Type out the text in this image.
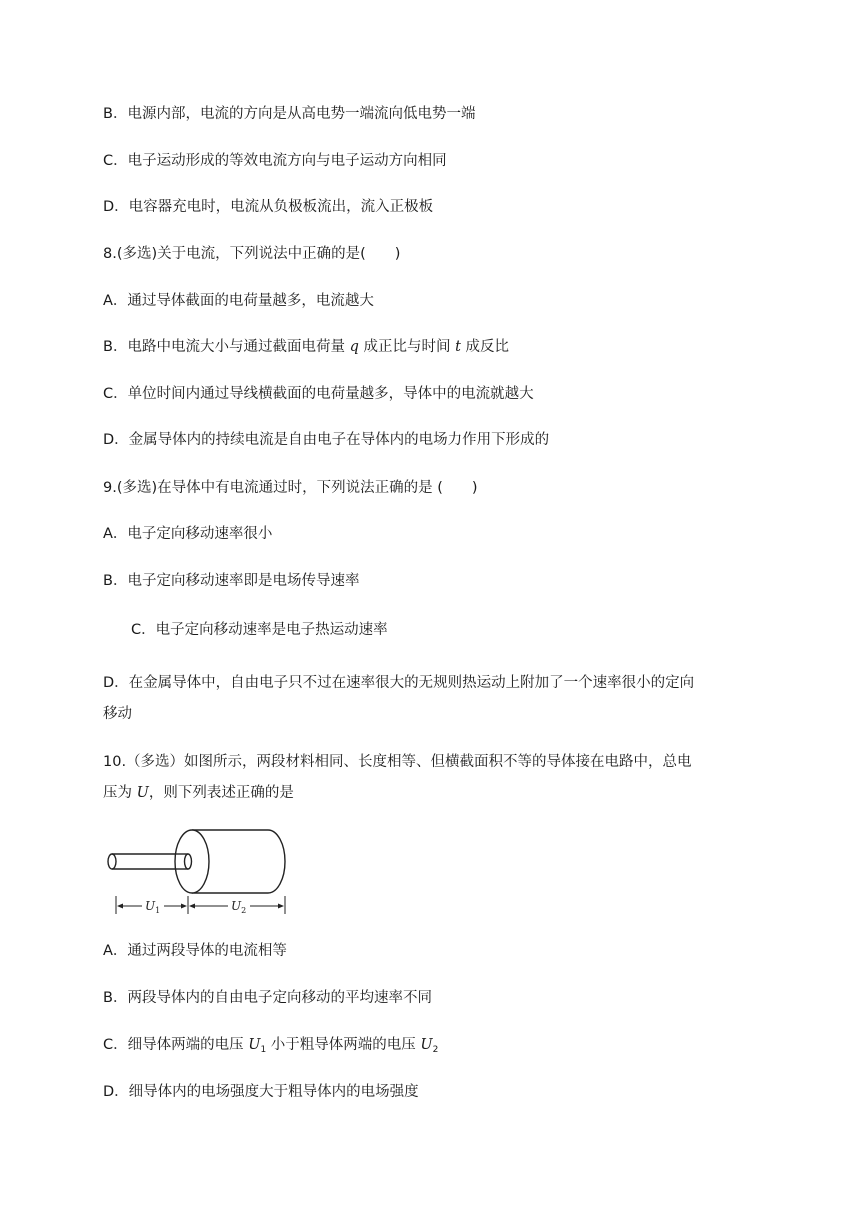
B．电源内部，电流的方向是从高电势一端流向低电势一端
C．电子运动形成的等效电流方向与电子运动方向相同
D．电容器充电时，电流从负极板流出，流入正极板
8.(多选)关于电流，下列说法中正确的是(　　)
A．通过导体截面的电荷量越多，电流越大
B．电路中电流大小与通过截面电荷量 q 成正比与时间 t 成反比
C．单位时间内通过导线横截面的电荷量越多，导体中的电流就越大
D．金属导体内的持续电流是自由电子在导体内的电场力作用下形成的
9.(多选)在导体中有电流通过时，下列说法正确的是 (　　)
A．电子定向移动速率很小
B．电子定向移动速率即是电场传导速率
C．电子定向移动速率是电子热运动速率
D．在金属导体中，自由电子只不过在速率很大的无规则热运动上附加了一个速率很小的定向
移动
10.（多选）如图所示，两段材料相同、长度相等、但横截面积不等的导体接在电路中，总电
压为 U，则下列表述正确的是
$U_1$	$U_2$
A．通过两段导体的电流相等
B．两段导体内的自由电子定向移动的平均速率不同
C．细导体两端的电压 $U_1$ 小于粗导体两端的电压 $U_2$
D．细导体内的电场强度大于粗导体内的电场强度
